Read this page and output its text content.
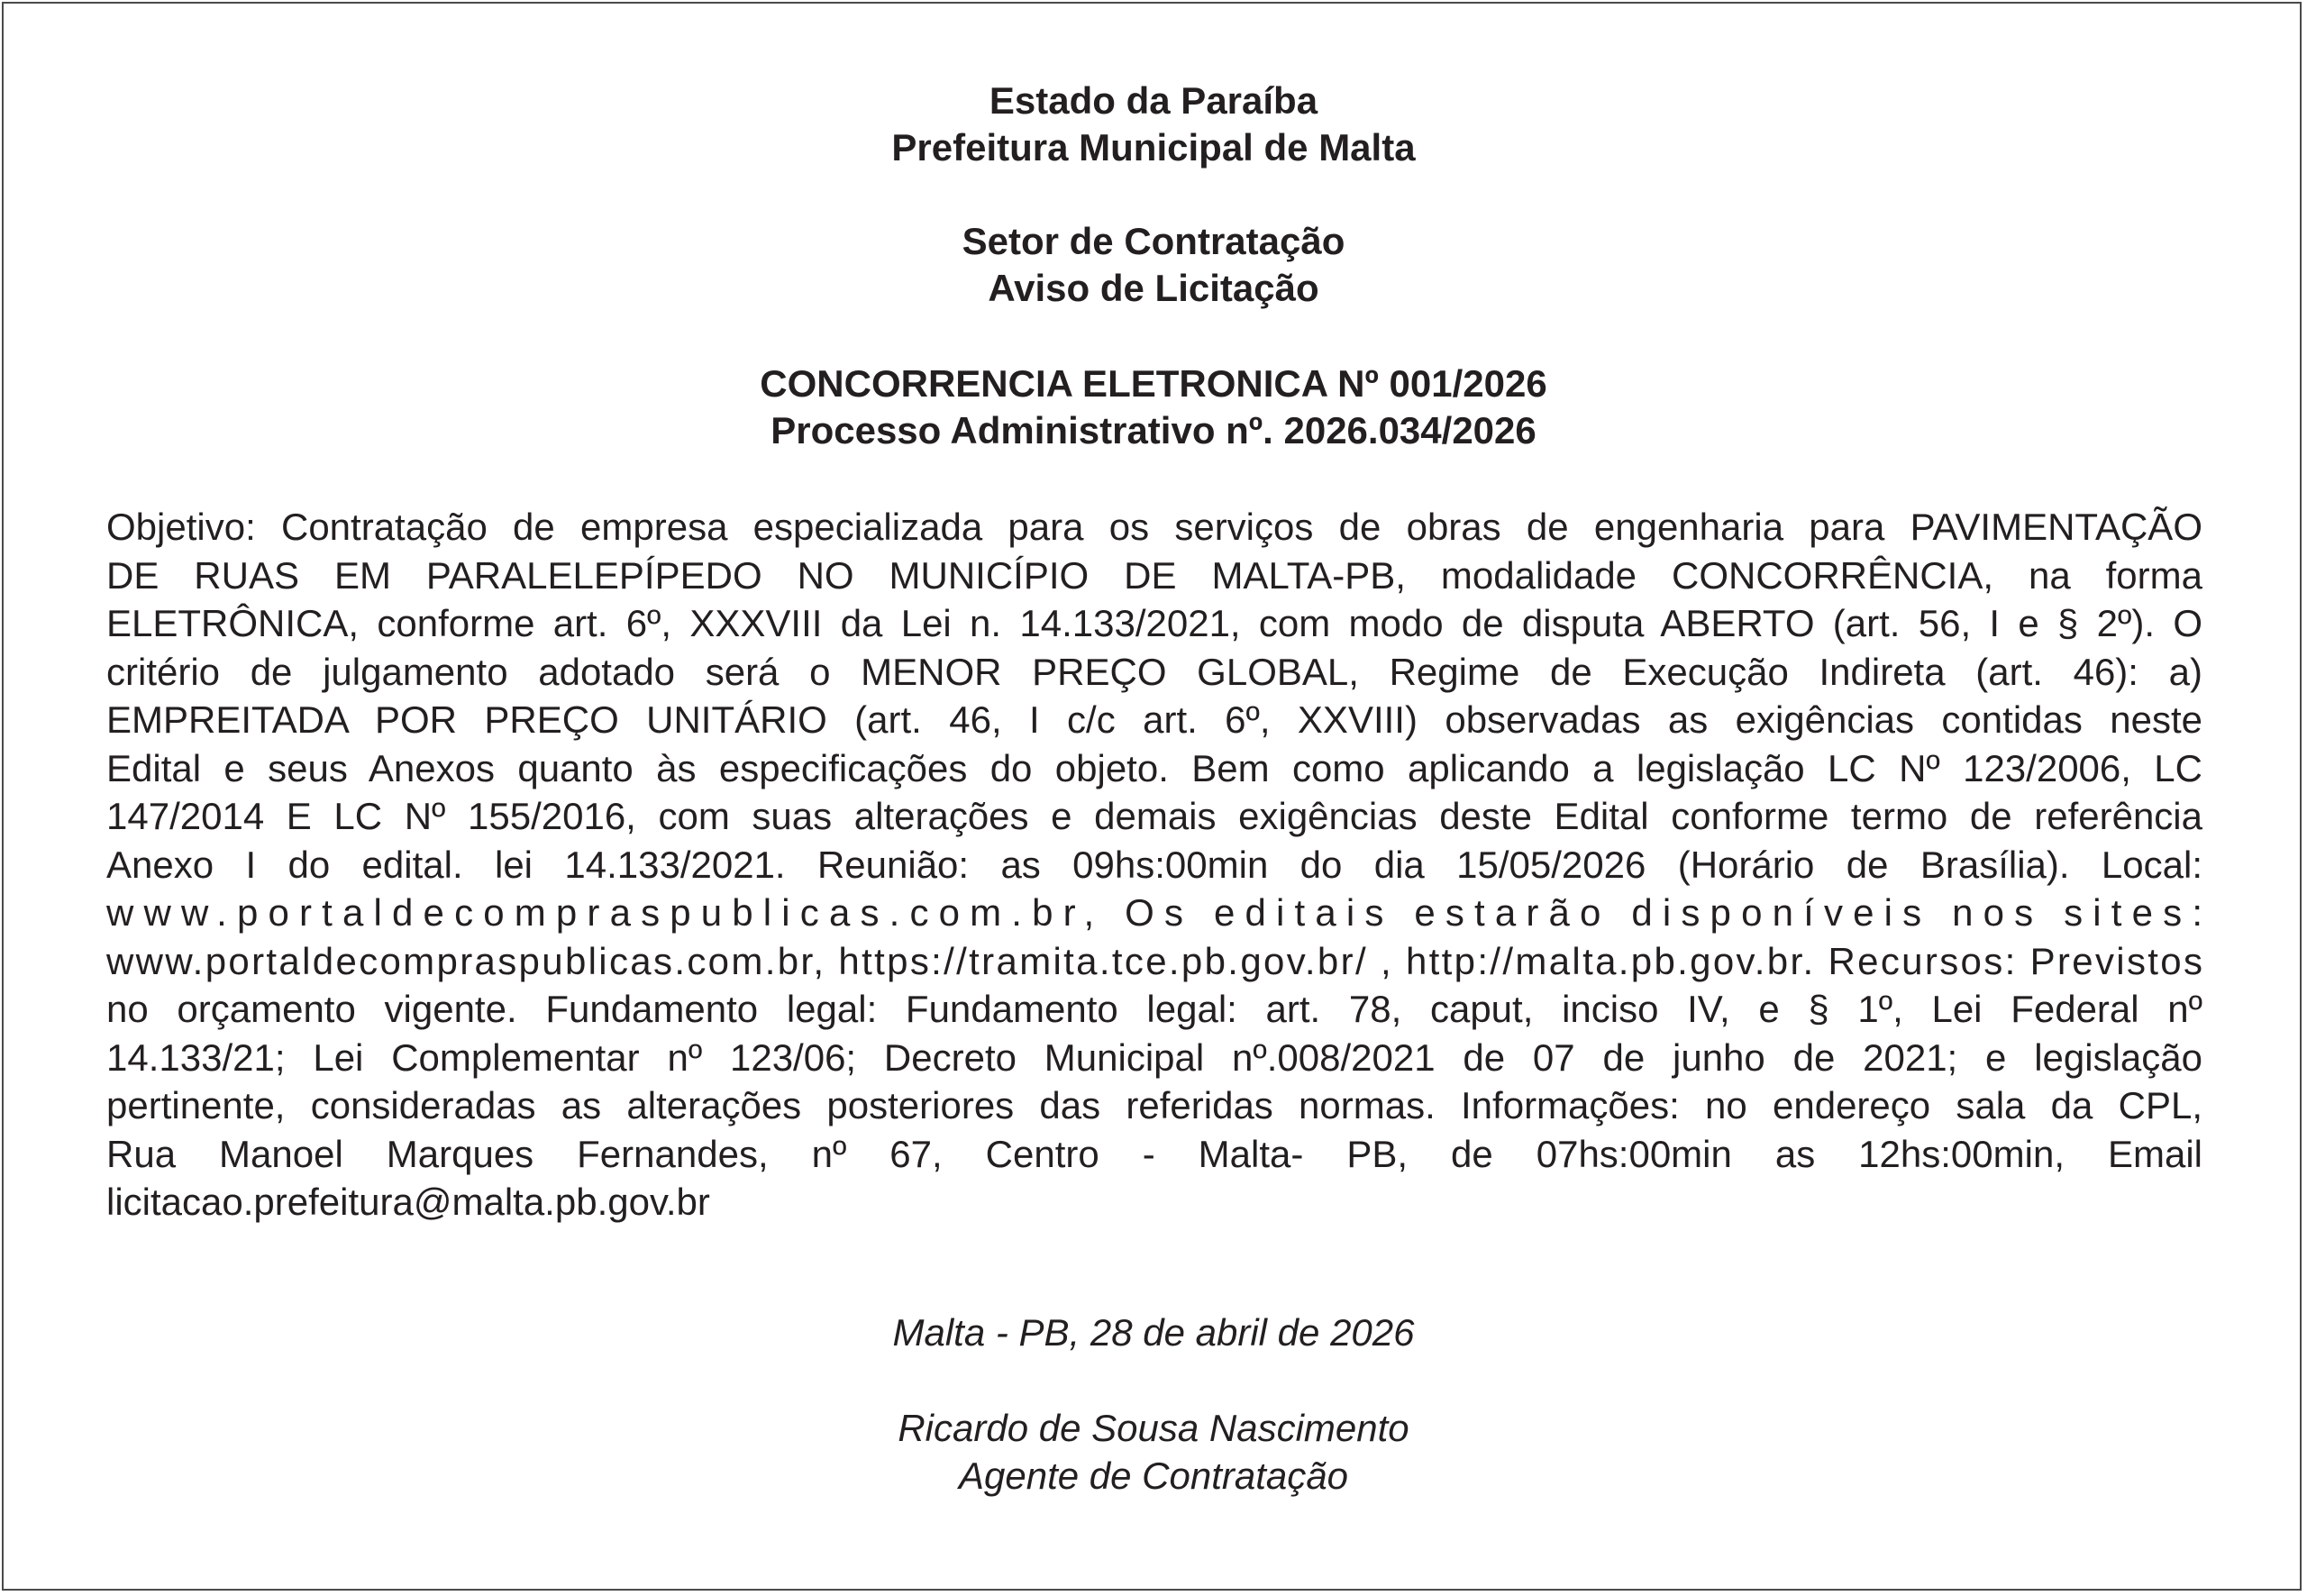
Estado da Paraíba
Prefeitura Municipal de Malta
Setor de Contratação
Aviso de Licitação
CONCORRENCIA ELETRONICA Nº 001/2026
Processo Administrativo nº. 2026.034/2026
Objetivo: Contratação de empresa especializada para os serviços de obras de engenharia para PAVIMENTAÇÃO
DE RUAS EM PARALELEPÍPEDO NO MUNICÍPIO DE MALTA-PB, modalidade CONCORRÊNCIA, na forma
ELETRÔNICA, conforme art. 6º, XXXVIII da Lei n. 14.133/2021, com modo de disputa ABERTO (art. 56, I e § 2º). O
critério de julgamento adotado será o MENOR PREÇO GLOBAL, Regime de Execução Indireta (art. 46): a)
EMPREITADA POR PREÇO UNITÁRIO (art. 46, I c/c art. 6º, XXVIII) observadas as exigências contidas neste
Edital e seus Anexos quanto às especificações do objeto. Bem como aplicando a legislação LC Nº 123/2006, LC
147/2014 E LC Nº 155/2016, com suas alterações e demais exigências deste Edital conforme termo de referência
Anexo I do edital. lei 14.133/2021. Reunião: as 09hs:00min do dia 15/05/2026 (Horário de Brasília). Local:
www.portaldecompraspublicas.com.br, Os editais estarão disponíveis nos sites:
www.portaldecompraspublicas.com.br, https://tramita.tce.pb.gov.br/ , http://malta.pb.gov.br. Recursos: Previstos
no orçamento vigente. Fundamento legal: Fundamento legal: art. 78, caput, inciso IV, e § 1º, Lei Federal nº
14.133/21; Lei Complementar nº 123/06; Decreto Municipal nº.008/2021 de 07 de junho de 2021; e legislação
pertinente, consideradas as alterações posteriores das referidas normas. Informações: no endereço sala da CPL,
Rua Manoel Marques Fernandes, nº 67, Centro - Malta- PB, de 07hs:00min as 12hs:00min, Email
licitacao.prefeitura@malta.pb.gov.br
Malta - PB, 28 de abril de 2026
Ricardo de Sousa Nascimento
Agente de Contratação
